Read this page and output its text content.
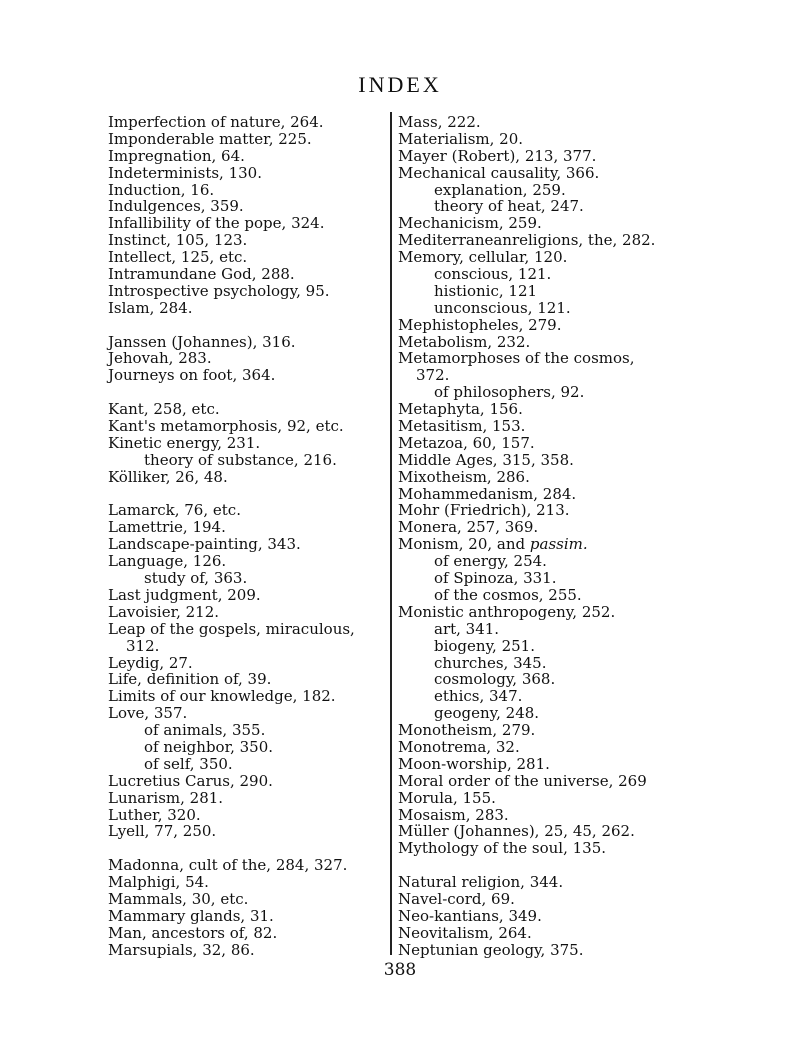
INDEX
Imperfection of nature, 264.
Imponderable matter, 225.
Impregnation, 64.
Indeterminists, 130.
Induction, 16.
Indulgences, 359.
Infallibility of the pope, 324.
Instinct, 105, 123.
Intellect, 125, etc.
Intramundane God, 288.
Introspective psychology, 95.
Islam, 284.
Janssen (Johannes), 316.
Jehovah, 283.
Journeys on foot, 364.
Kant, 258, etc.
Kant's metamorphosis, 92, etc.
Kinetic energy, 231.
theory of substance, 216.
Kölliker, 26, 48.
Lamarck, 76, etc.
Lamettrie, 194.
Landscape-painting, 343.
Language, 126.
study of, 363.
Last judgment, 209.
Lavoisier, 212.
Leap of the gospels, miraculous,
312.
Leydig, 27.
Life, definition of, 39.
Limits of our knowledge, 182.
Love, 357.
of animals, 355.
of neighbor, 350.
of self, 350.
Lucretius Carus, 290.
Lunarism, 281.
Luther, 320.
Lyell, 77, 250.
Madonna, cult of the, 284, 327.
Malphigi, 54.
Mammals, 30, etc.
Mammary glands, 31.
Man, ancestors of, 82.
Marsupials, 32, 86.
Mass, 222.
Materialism, 20.
Mayer (Robert), 213, 377.
Mechanical causality, 366.
explanation, 259.
theory of heat, 247.
Mechanicism, 259.
Mediterraneanreligions, the, 282.
Memory, cellular, 120.
conscious, 121.
histionic, 121
unconscious, 121.
Mephistopheles, 279.
Metabolism, 232.
Metamorphoses of the cosmos,
372.
of philosophers, 92.
Metaphyta, 156.
Metasitism, 153.
Metazoa, 60, 157.
Middle Ages, 315, 358.
Mixotheism, 286.
Mohammedanism, 284.
Mohr (Friedrich), 213.
Monera, 257, 369.
Monism, 20, and passim.
of energy, 254.
of Spinoza, 331.
of the cosmos, 255.
Monistic anthropogeny, 252.
art, 341.
biogeny, 251.
churches, 345.
cosmology, 368.
ethics, 347.
geogeny, 248.
Monotheism, 279.
Monotrema, 32.
Moon-worship, 281.
Moral order of the universe, 269
Morula, 155.
Mosaism, 283.
Müller (Johannes), 25, 45, 262.
Mythology of the soul, 135.
Natural religion, 344.
Navel-cord, 69.
Neo-kantians, 349.
Neovitalism, 264.
Neptunian geology, 375.
388
